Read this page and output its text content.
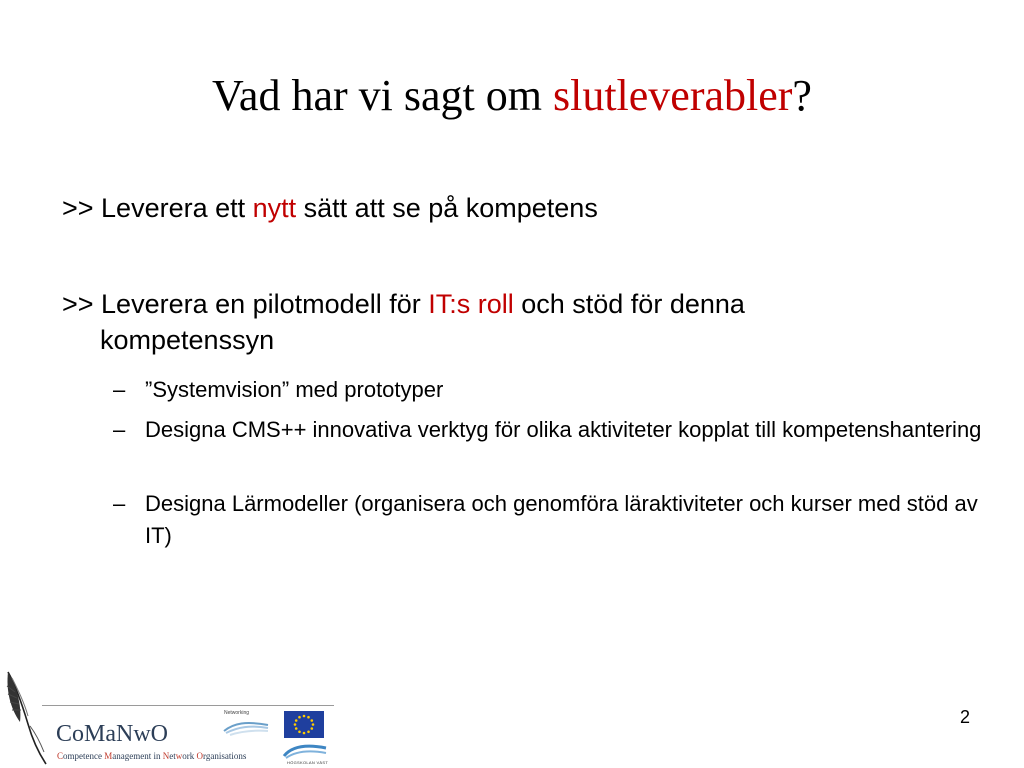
Vad har vi sagt om slutleverabler?

>> Leverera ett nytt sätt att se på kompetens

>> Leverera en pilotmodell för IT:s roll och stöd för denna
kompetenssyn

– ”Systemvision” med prototyper

– Designa CMS++ innovativa verktyg för olika aktiviteter kopplat till kompetenshantering

– Designa Lärmodeller (organisera och genomföra läraktiviteter och kurser med stöd av IT)

CoMaNwO

Competence Management in Network Organisations

Networking

HÖGSKOLAN VÄST

2
